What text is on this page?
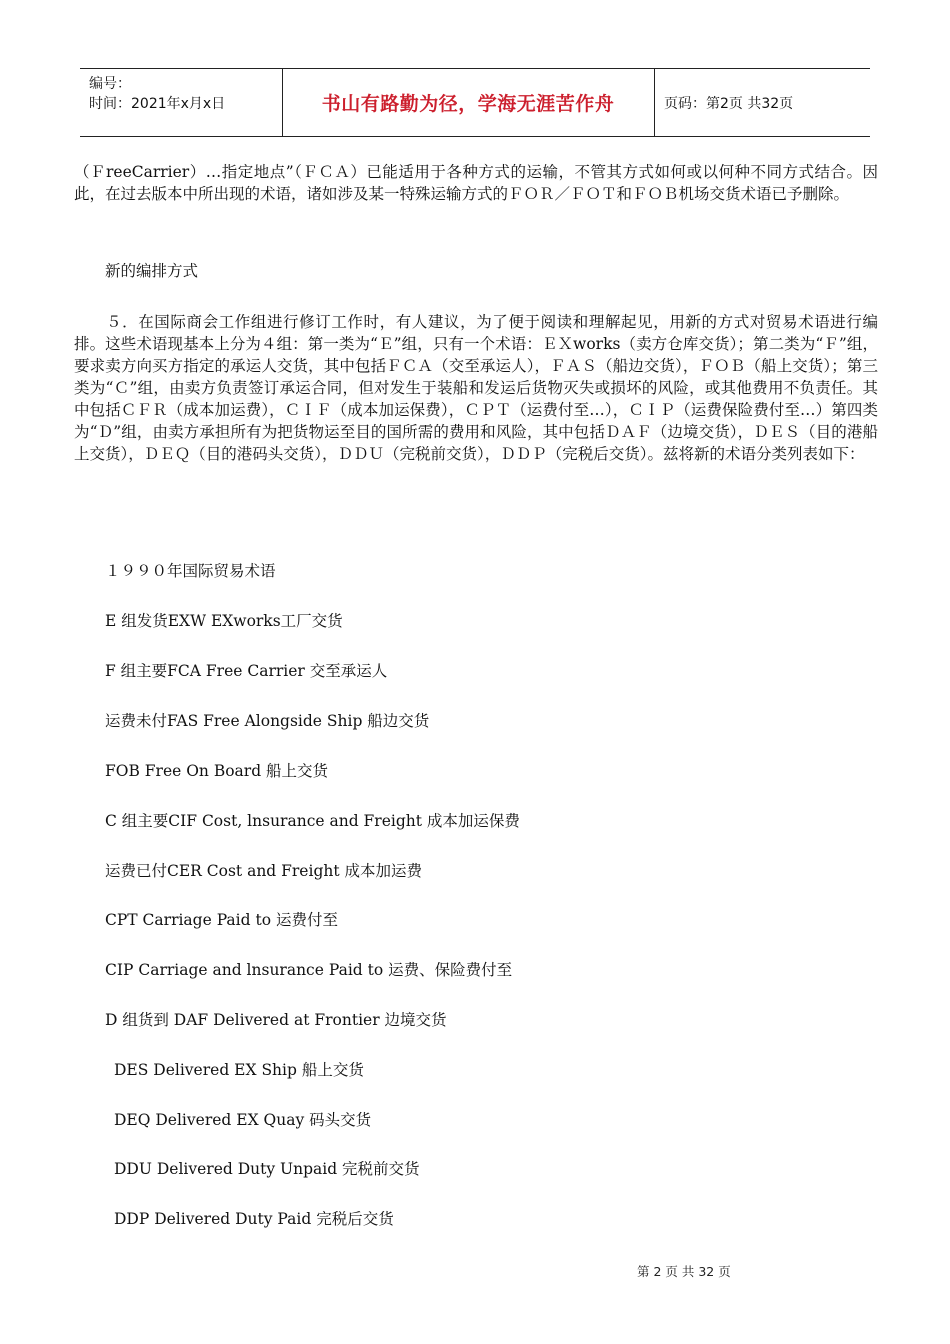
编号：
时间：2021年x月x日	书山有路勤为径，学海无涯苦作舟	页码：第2页 共32页
（ＦreeCarrier）…指定地点”（ＦＣＡ）已能适用于各种方式的运输，不管其方式如何或以何种不同方式结合。因此，在过去版本中所出现的术语，诸如涉及某一特殊运输方式的ＦＯＲ／ＦＯＴ和ＦＯＢ机场交货术语已予删除。
新的编排方式
５．在国际商会工作组进行修订工作时，有人建议，为了便于阅读和理解起见，用新的方式对贸易术语进行编排。这些术语现基本上分为４组：第一类为“Ｅ”组，只有一个术语：ＥＸworks（卖方仓库交货）；第二类为“Ｆ”组，要求卖方向买方指定的承运人交货，其中包括ＦＣＡ（交至承运人），ＦＡＳ（船边交货），ＦＯＢ（船上交货）；第三类为“Ｃ”组，由卖方负责签订承运合同，但对发生于装船和发运后货物灭失或损坏的风险，或其他费用不负责任。其中包括ＣＦＲ（成本加运费），ＣＩＦ（成本加运保费），ＣＰＴ（运费付至…），ＣＩＰ（运费保险费付至…）第四类为“Ｄ”组，由卖方承担所有为把货物运至目的国所需的费用和风险，其中包括ＤＡＦ（边境交货），ＤＥＳ（目的港船上交货），ＤＥＱ（目的港码头交货），ＤＤＵ（完税前交货），ＤＤＰ（完税后交货）。兹将新的术语分类列表如下：
１９９０年国际贸易术语
E 组发货EXW EXworks工厂交货
F 组主要FCA Free Carrier 交至承运人
运费未付FAS Free Alongside Ship 船边交货
FOB Free On Board 船上交货
C 组主要CIF Cost, lnsurance and Freight 成本加运保费
运费已付CER Cost and Freight 成本加运费
CPT Carriage Paid to 运费付至
CIP Carriage and lnsurance Paid to 运费、保险费付至
D 组货到 DAF Delivered at Frontier 边境交货
DES Delivered EX Ship 船上交货
DEQ Delivered EX Quay 码头交货
DDU Delivered Duty Unpaid 完税前交货
DDP Delivered Duty Paid 完税后交货
第 2 页 共 32 页
